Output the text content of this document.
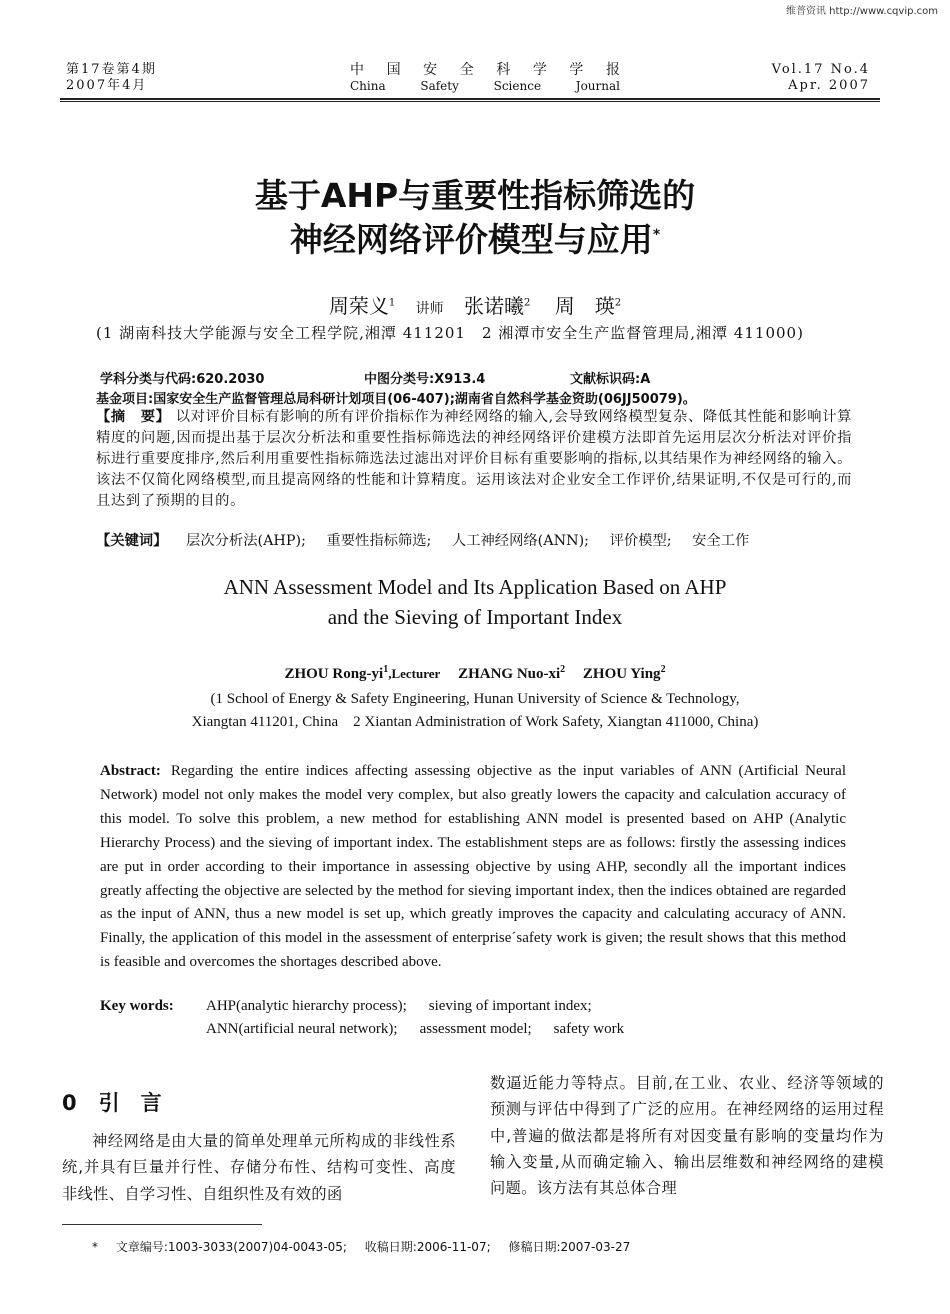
维普资讯 http://www.cqvip.com
第17卷第4期
2007年4月
中 国 安 全 科 学 学 报
China	Safety	Science	Journal
Vol.17 No.4
Apr. 2007
基于AHP与重要性指标筛选的
神经网络评价模型与应用*
周荣义$^1$ 讲师 张诺曦$^2$ 周　瑛$^2$
(1 湖南科技大学能源与安全工程学院,湘潭 411201　2 湘潭市安全生产监督管理局,湘潭 411000)
学科分类与代码:620.2030	中图分类号:X913.4	文献标识码:A
基金项目:国家安全生产监督管理总局科研计划项目(06-407);湖南省自然科学基金资助(06JJ50079)。
【摘　要】 以对评价目标有影响的所有评价指标作为神经网络的输入,会导致网络模型复杂、降低其性能和影响计算精度的问题,因而提出基于层次分析法和重要性指标筛选法的神经网络评价建模方法即首先运用层次分析法对评价指标进行重要度排序,然后利用重要性指标筛选法过滤出对评价目标有重要影响的指标,以其结果作为神经网络的输入。该法不仅简化网络模型,而且提高网络的性能和计算精度。运用该法对企业安全工作评价,结果证明,不仅是可行的,而且达到了预期的目的。
【关键词】 层次分析法(AHP); 重要性指标筛选; 人工神经网络(ANN); 评价模型; 安全工作
ANN Assessment Model and Its Application Based on AHP
and the Sieving of Important Index
ZHOU Rong-$yi^1,Lecturer$ ZHANG Nuo-$xi^2$ ZHOU Ying$^2$
(1 School of Energy & Safety Engineering, Hunan University of Science & Technology,
Xiangtan 411201, China　2 Xiantan Administration of Work Safety, Xiangtan 411000, China)
Abstract: Regarding the entire indices affecting assessing objective as the input variables of ANN (Artificial Neural Network) model not only makes the model very complex, but also greatly lowers the capacity and calculation accuracy of this model. To solve this problem, a new method for establishing ANN model is presented based on AHP (Analytic Hierarchy Process) and the sieving of important index. The establishment steps are as follows: firstly the assessing indices are put in order according to their importance in assessing objective by using AHP, secondly all the important indices greatly affecting the objective are selected by the method for sieving important index, then the indices obtained are regarded as the input of ANN, thus a new model is set up, which greatly improves the capacity and calculating accuracy of ANN. Finally, the application of this model in the assessment of enterprise´safety work is given; the result shows that this method is feasible and overcomes the shortages described above.
Key words:	AHP(analytic hierarchy process); sieving of important index;
ANN(artificial neural network); assessment model; safety work
0 引　言
神经网络是由大量的简单处理单元所构成的非线性系统,并具有巨量并行性、存储分布性、结构可变性、高度非线性、自学习性、自组织性及有效的函
数逼近能力等特点。目前,在工业、农业、经济等领域的预测与评估中得到了广泛的应用。在神经网络的运用过程中,普遍的做法都是将所有对因变量有影响的变量均作为输入变量,从而确定输入、输出层维数和神经网络的建模问题。该方法有其总体合理
* 文章编号:1003-3033(2007)04-0043-05; 收稿日期:2006-11-07; 修稿日期:2007-03-27
